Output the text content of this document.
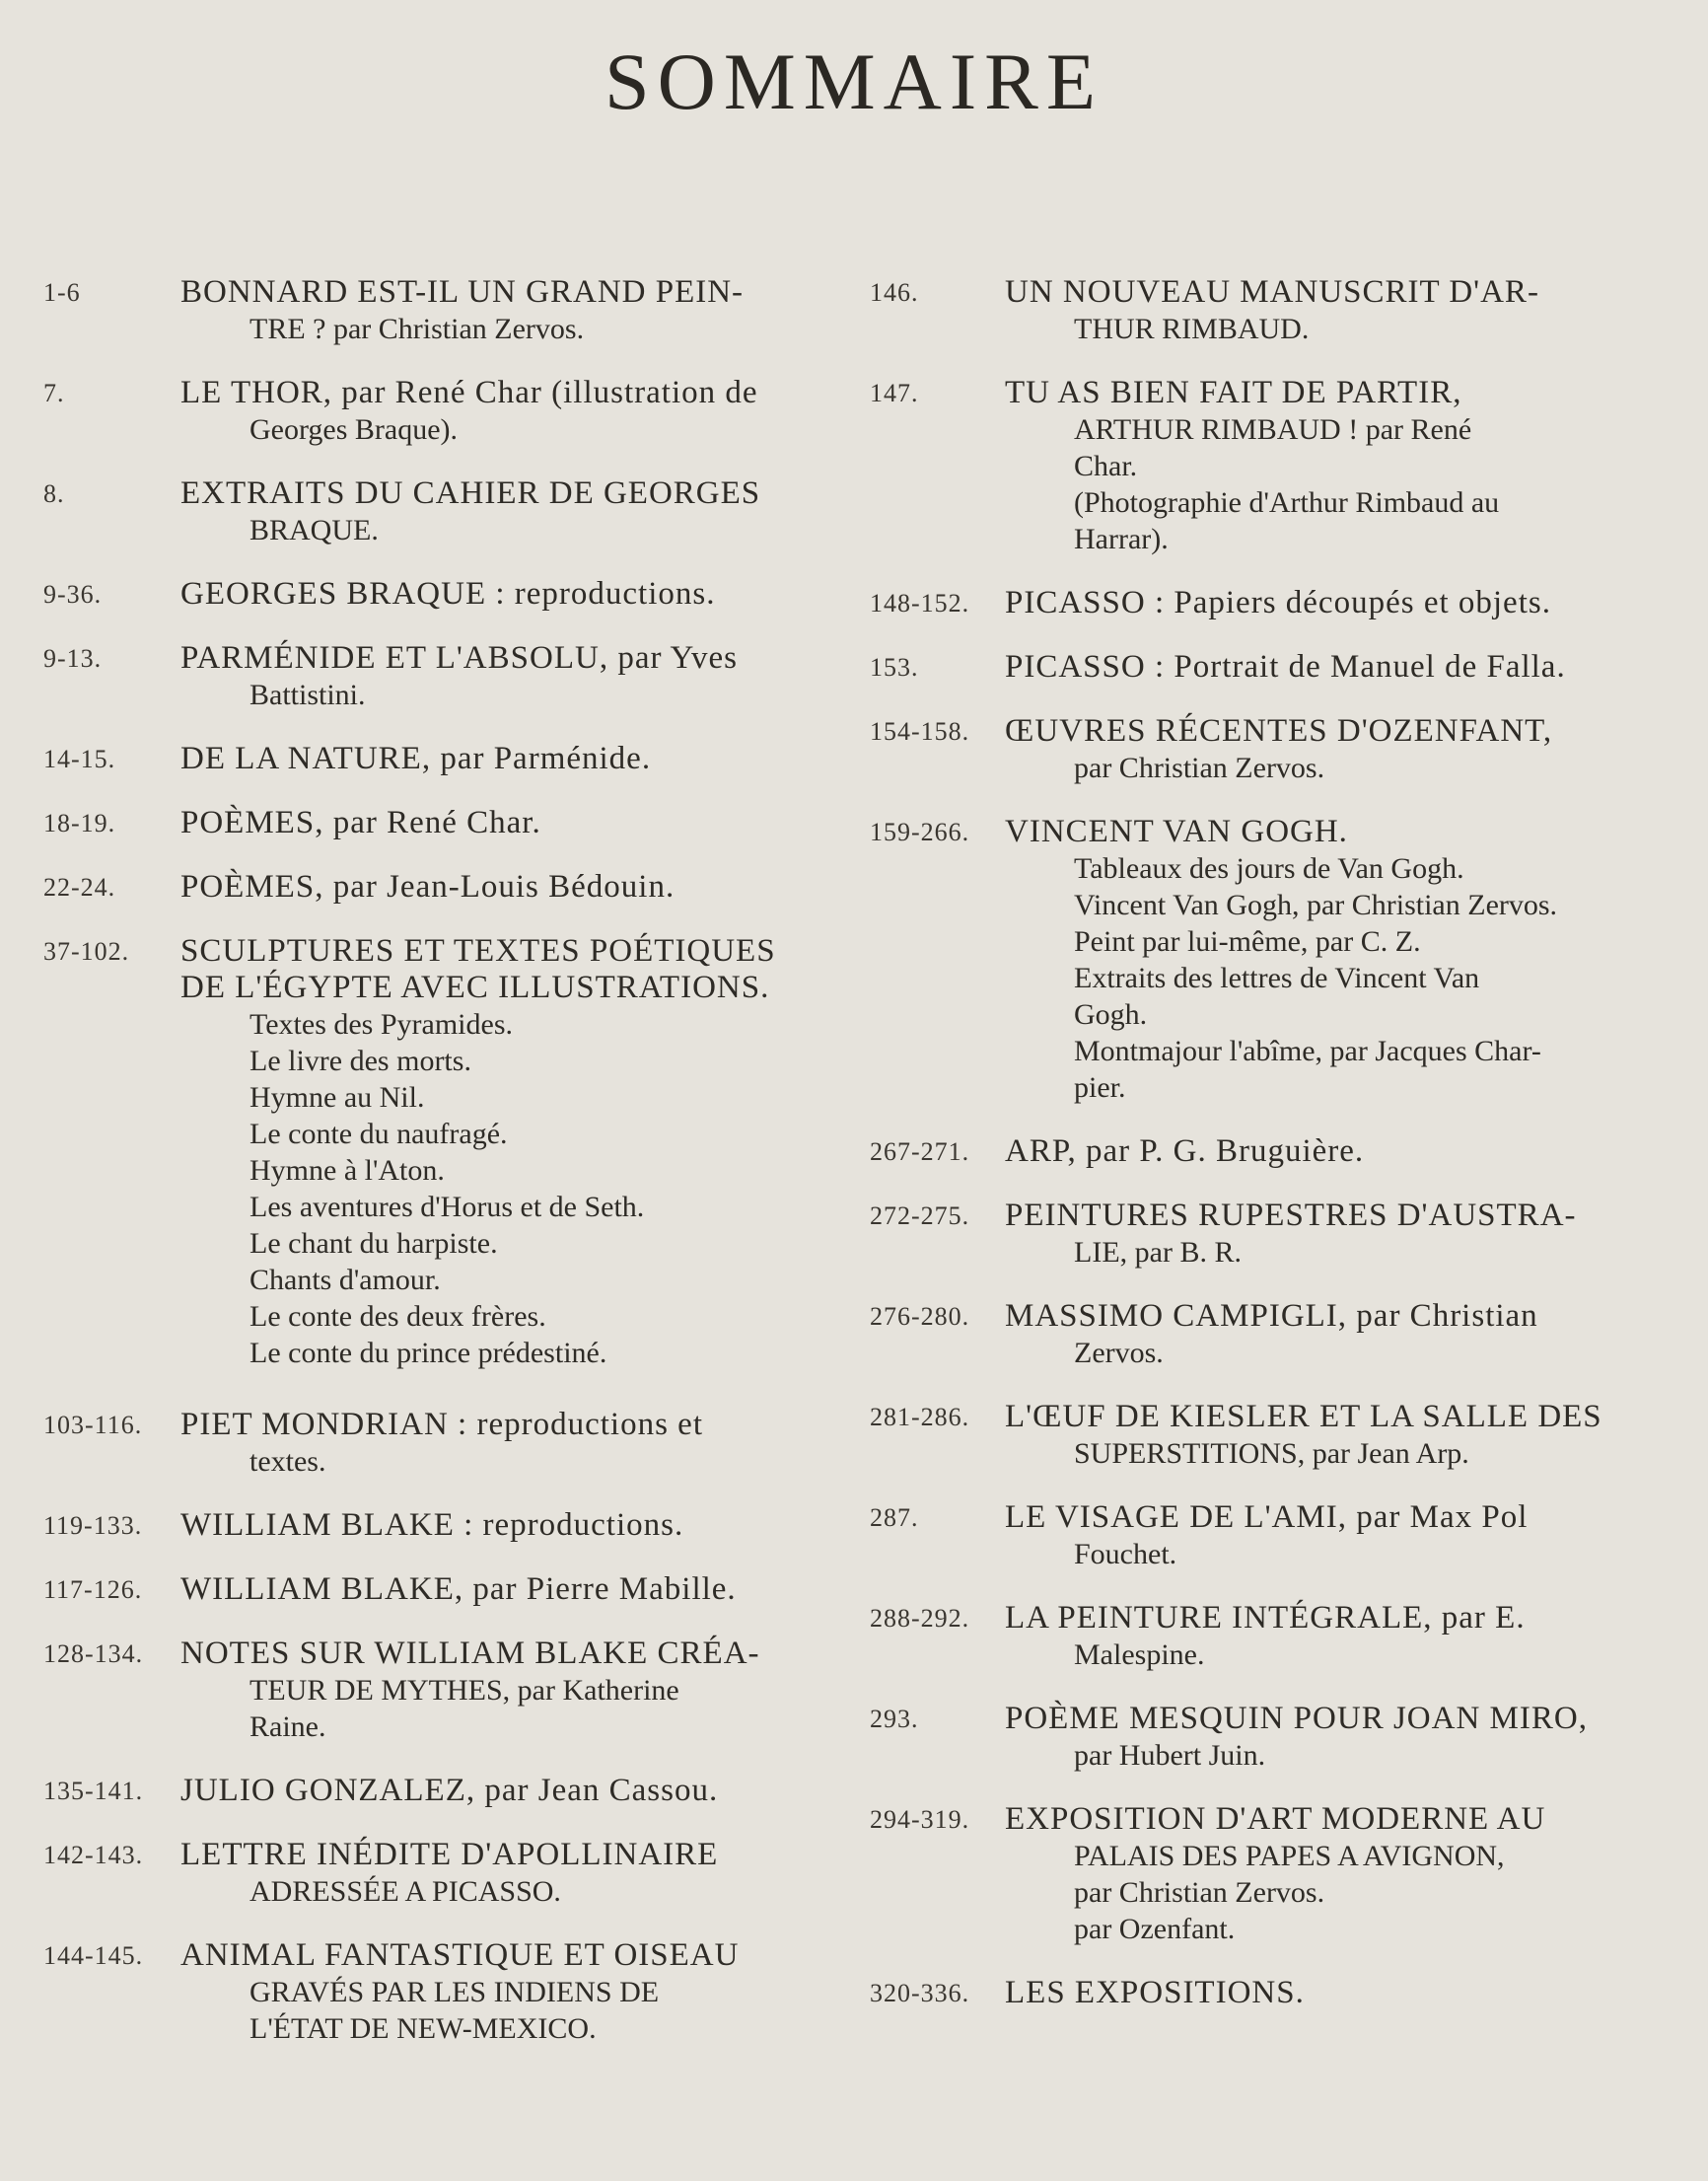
SOMMAIRE
1-6	BONNARD EST-IL UN GRAND PEIN-
TRE ? par Christian Zervos.
7.	LE THOR, par René Char (illustration de
Georges Braque).
8.	EXTRAITS DU CAHIER DE GEORGES
BRAQUE.
9-36.	GEORGES BRAQUE : reproductions.
9-13.	PARMÉNIDE ET L'ABSOLU, par Yves
Battistini.
14-15.	DE LA NATURE, par Parménide.
18-19.	POÈMES, par René Char.
22-24.	POÈMES, par Jean-Louis Bédouin.
37-102.	SCULPTURES ET TEXTES POÉTIQUES
DE L'ÉGYPTE AVEC ILLUSTRATIONS.
Textes des Pyramides.
Le livre des morts.
Hymne au Nil.
Le conte du naufragé.
Hymne à l'Aton.
Les aventures d'Horus et de Seth.
Le chant du harpiste.
Chants d'amour.
Le conte des deux frères.
Le conte du prince prédestiné.
103-116.	PIET MONDRIAN : reproductions et
textes.
119-133.	WILLIAM BLAKE : reproductions.
117-126.	WILLIAM BLAKE, par Pierre Mabille.
128-134.	NOTES SUR WILLIAM BLAKE CRÉA-
TEUR DE MYTHES, par Katherine
Raine.
135-141.	JULIO GONZALEZ, par Jean Cassou.
142-143.	LETTRE INÉDITE D'APOLLINAIRE
ADRESSÉE A PICASSO.
144-145.	ANIMAL FANTASTIQUE ET OISEAU
GRAVÉS PAR LES INDIENS DE
L'ÉTAT DE NEW-MEXICO.
146.	UN NOUVEAU MANUSCRIT D'AR-
THUR RIMBAUD.
147.	TU AS BIEN FAIT DE PARTIR,
ARTHUR RIMBAUD ! par René
Char.
(Photographie d'Arthur Rimbaud au
Harrar).
148-152.	PICASSO : Papiers découpés et objets.
153.	PICASSO : Portrait de Manuel de Falla.
154-158.	ŒUVRES RÉCENTES D'OZENFANT,
par Christian Zervos.
159-266.	VINCENT VAN GOGH.
Tableaux des jours de Van Gogh.
Vincent Van Gogh, par Christian Zervos.
Peint par lui-même, par C. Z.
Extraits des lettres de Vincent Van
Gogh.
Montmajour l'abîme, par Jacques Char-
pier.
267-271.	ARP, par P. G. Bruguière.
272-275.	PEINTURES RUPESTRES D'AUSTRA-
LIE, par B. R.
276-280.	MASSIMO CAMPIGLI, par Christian
Zervos.
281-286.	L'ŒUF DE KIESLER ET LA SALLE DES
SUPERSTITIONS, par Jean Arp.
287.	LE VISAGE DE L'AMI, par Max Pol
Fouchet.
288-292.	LA PEINTURE INTÉGRALE, par E.
Malespine.
293.	POÈME MESQUIN POUR JOAN MIRO,
par Hubert Juin.
294-319.	EXPOSITION D'ART MODERNE AU
PALAIS DES PAPES A AVIGNON,
par Christian Zervos.
par Ozenfant.
320-336.	LES EXPOSITIONS.
